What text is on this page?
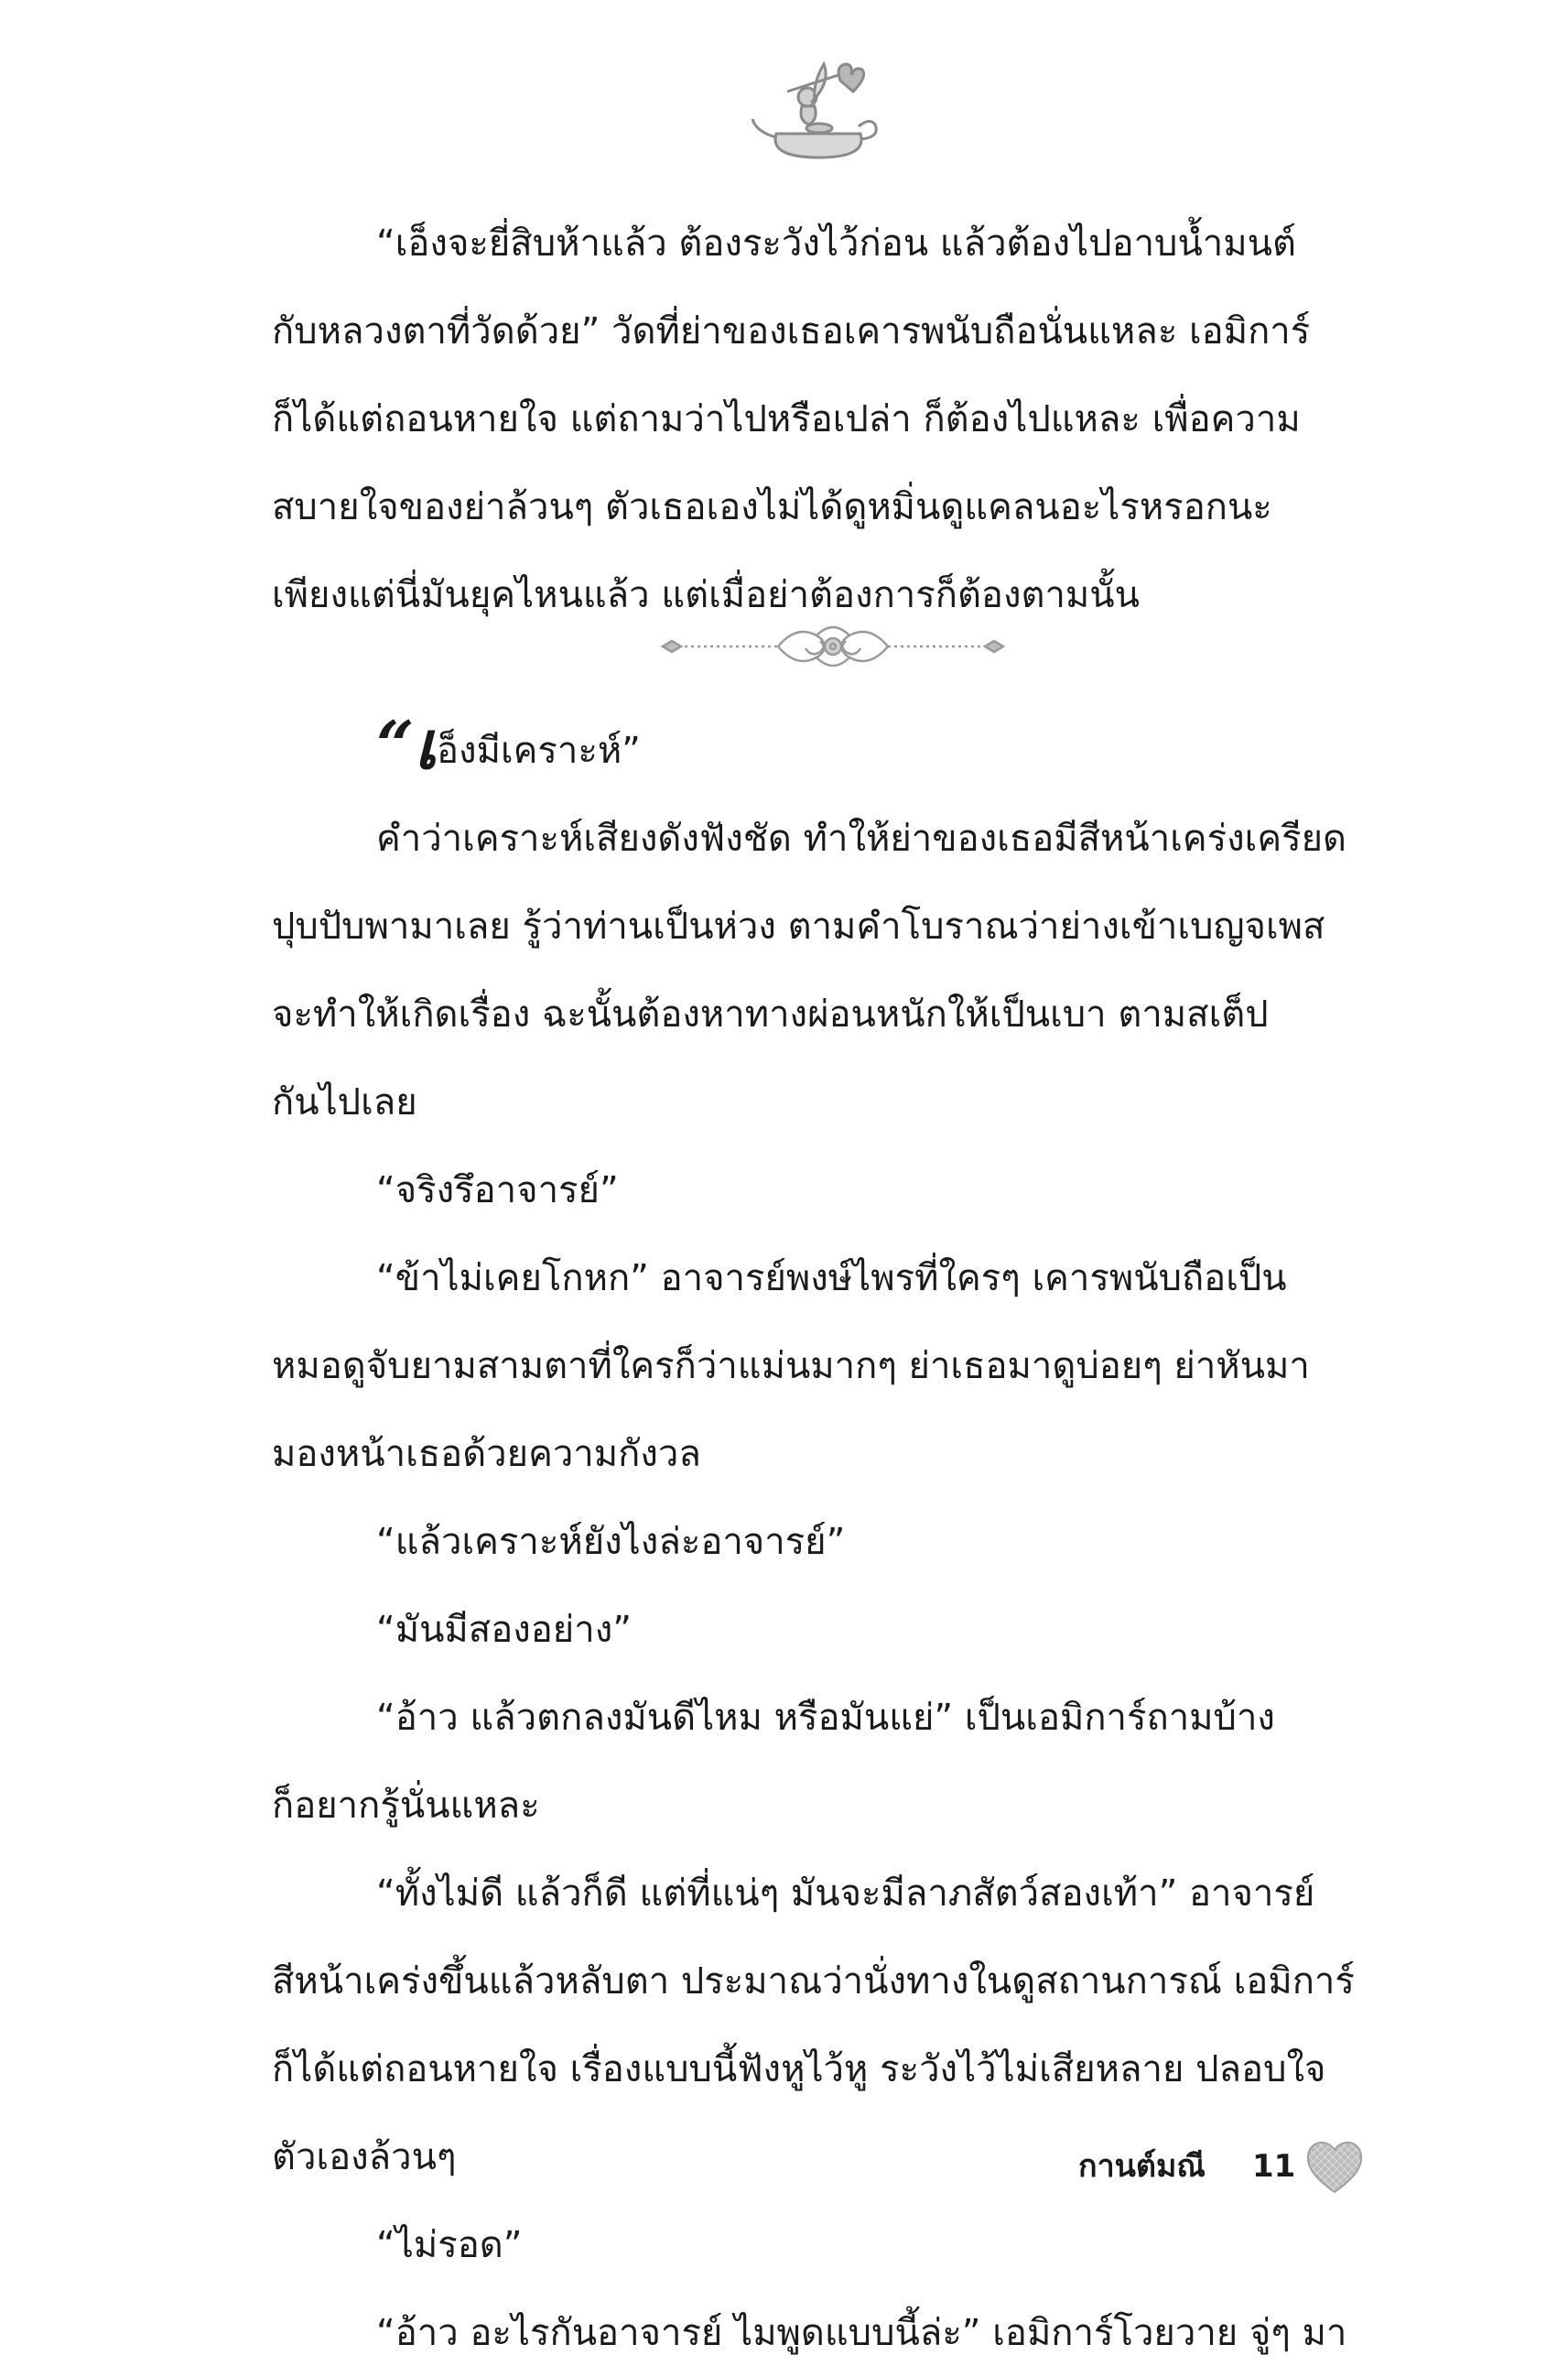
“เอ็งจะยี่สิบห้าแล้ว ต้องระวังไว้ก่อน แล้วต้องไปอาบน้ำมนต์
กับหลวงตาที่วัดด้วย” วัดที่ย่าของเธอเคารพนับถือนั่นแหละ เอมิการ์
ก็ได้แต่ถอนหายใจ แต่ถามว่าไปหรือเปล่า ก็ต้องไปแหละ เพื่อความ
สบายใจของย่าล้วนๆ ตัวเธอเองไม่ได้ดูหมิ่นดูแคลนอะไรหรอกนะ
เพียงแต่นี่มันยุคไหนแล้ว แต่เมื่อย่าต้องการก็ต้องตามนั้น
“เอ็งมีเคราะห์”
คำว่าเคราะห์เสียงดังฟังชัด ทำให้ย่าของเธอมีสีหน้าเคร่งเครียด
ปุบปับพามาเลย รู้ว่าท่านเป็นห่วง ตามคำโบราณว่าย่างเข้าเบญจเพส
จะทำให้เกิดเรื่อง ฉะนั้นต้องหาทางผ่อนหนักให้เป็นเบา ตามสเต็ป
กันไปเลย
“จริงรึอาจารย์”
“ข้าไม่เคยโกหก” อาจารย์พงษ์ไพรที่ใครๆ เคารพนับถือเป็น
หมอดูจับยามสามตาที่ใครก็ว่าแม่นมากๆ ย่าเธอมาดูบ่อยๆ ย่าหันมา
มองหน้าเธอด้วยความกังวล
“แล้วเคราะห์ยังไงล่ะอาจารย์”
“มันมีสองอย่าง”
“อ้าว แล้วตกลงมันดีไหม หรือมันแย่” เป็นเอมิการ์ถามบ้าง
ก็อยากรู้นั่นแหละ
“ทั้งไม่ดี แล้วก็ดี แต่ที่แน่ๆ มันจะมีลาภสัตว์สองเท้า” อาจารย์
สีหน้าเคร่งขึ้นแล้วหลับตา ประมาณว่านั่งทางในดูสถานการณ์ เอมิการ์
ก็ได้แต่ถอนหายใจ เรื่องแบบนี้ฟังหูไว้หู ระวังไว้ไม่เสียหลาย ปลอบใจ
ตัวเองล้วนๆ
“ไม่รอด”
“อ้าว อะไรกันอาจารย์ ไมพูดแบบนี้ล่ะ” เอมิการ์โวยวาย จู่ๆ มา
กานต์มณี 11
